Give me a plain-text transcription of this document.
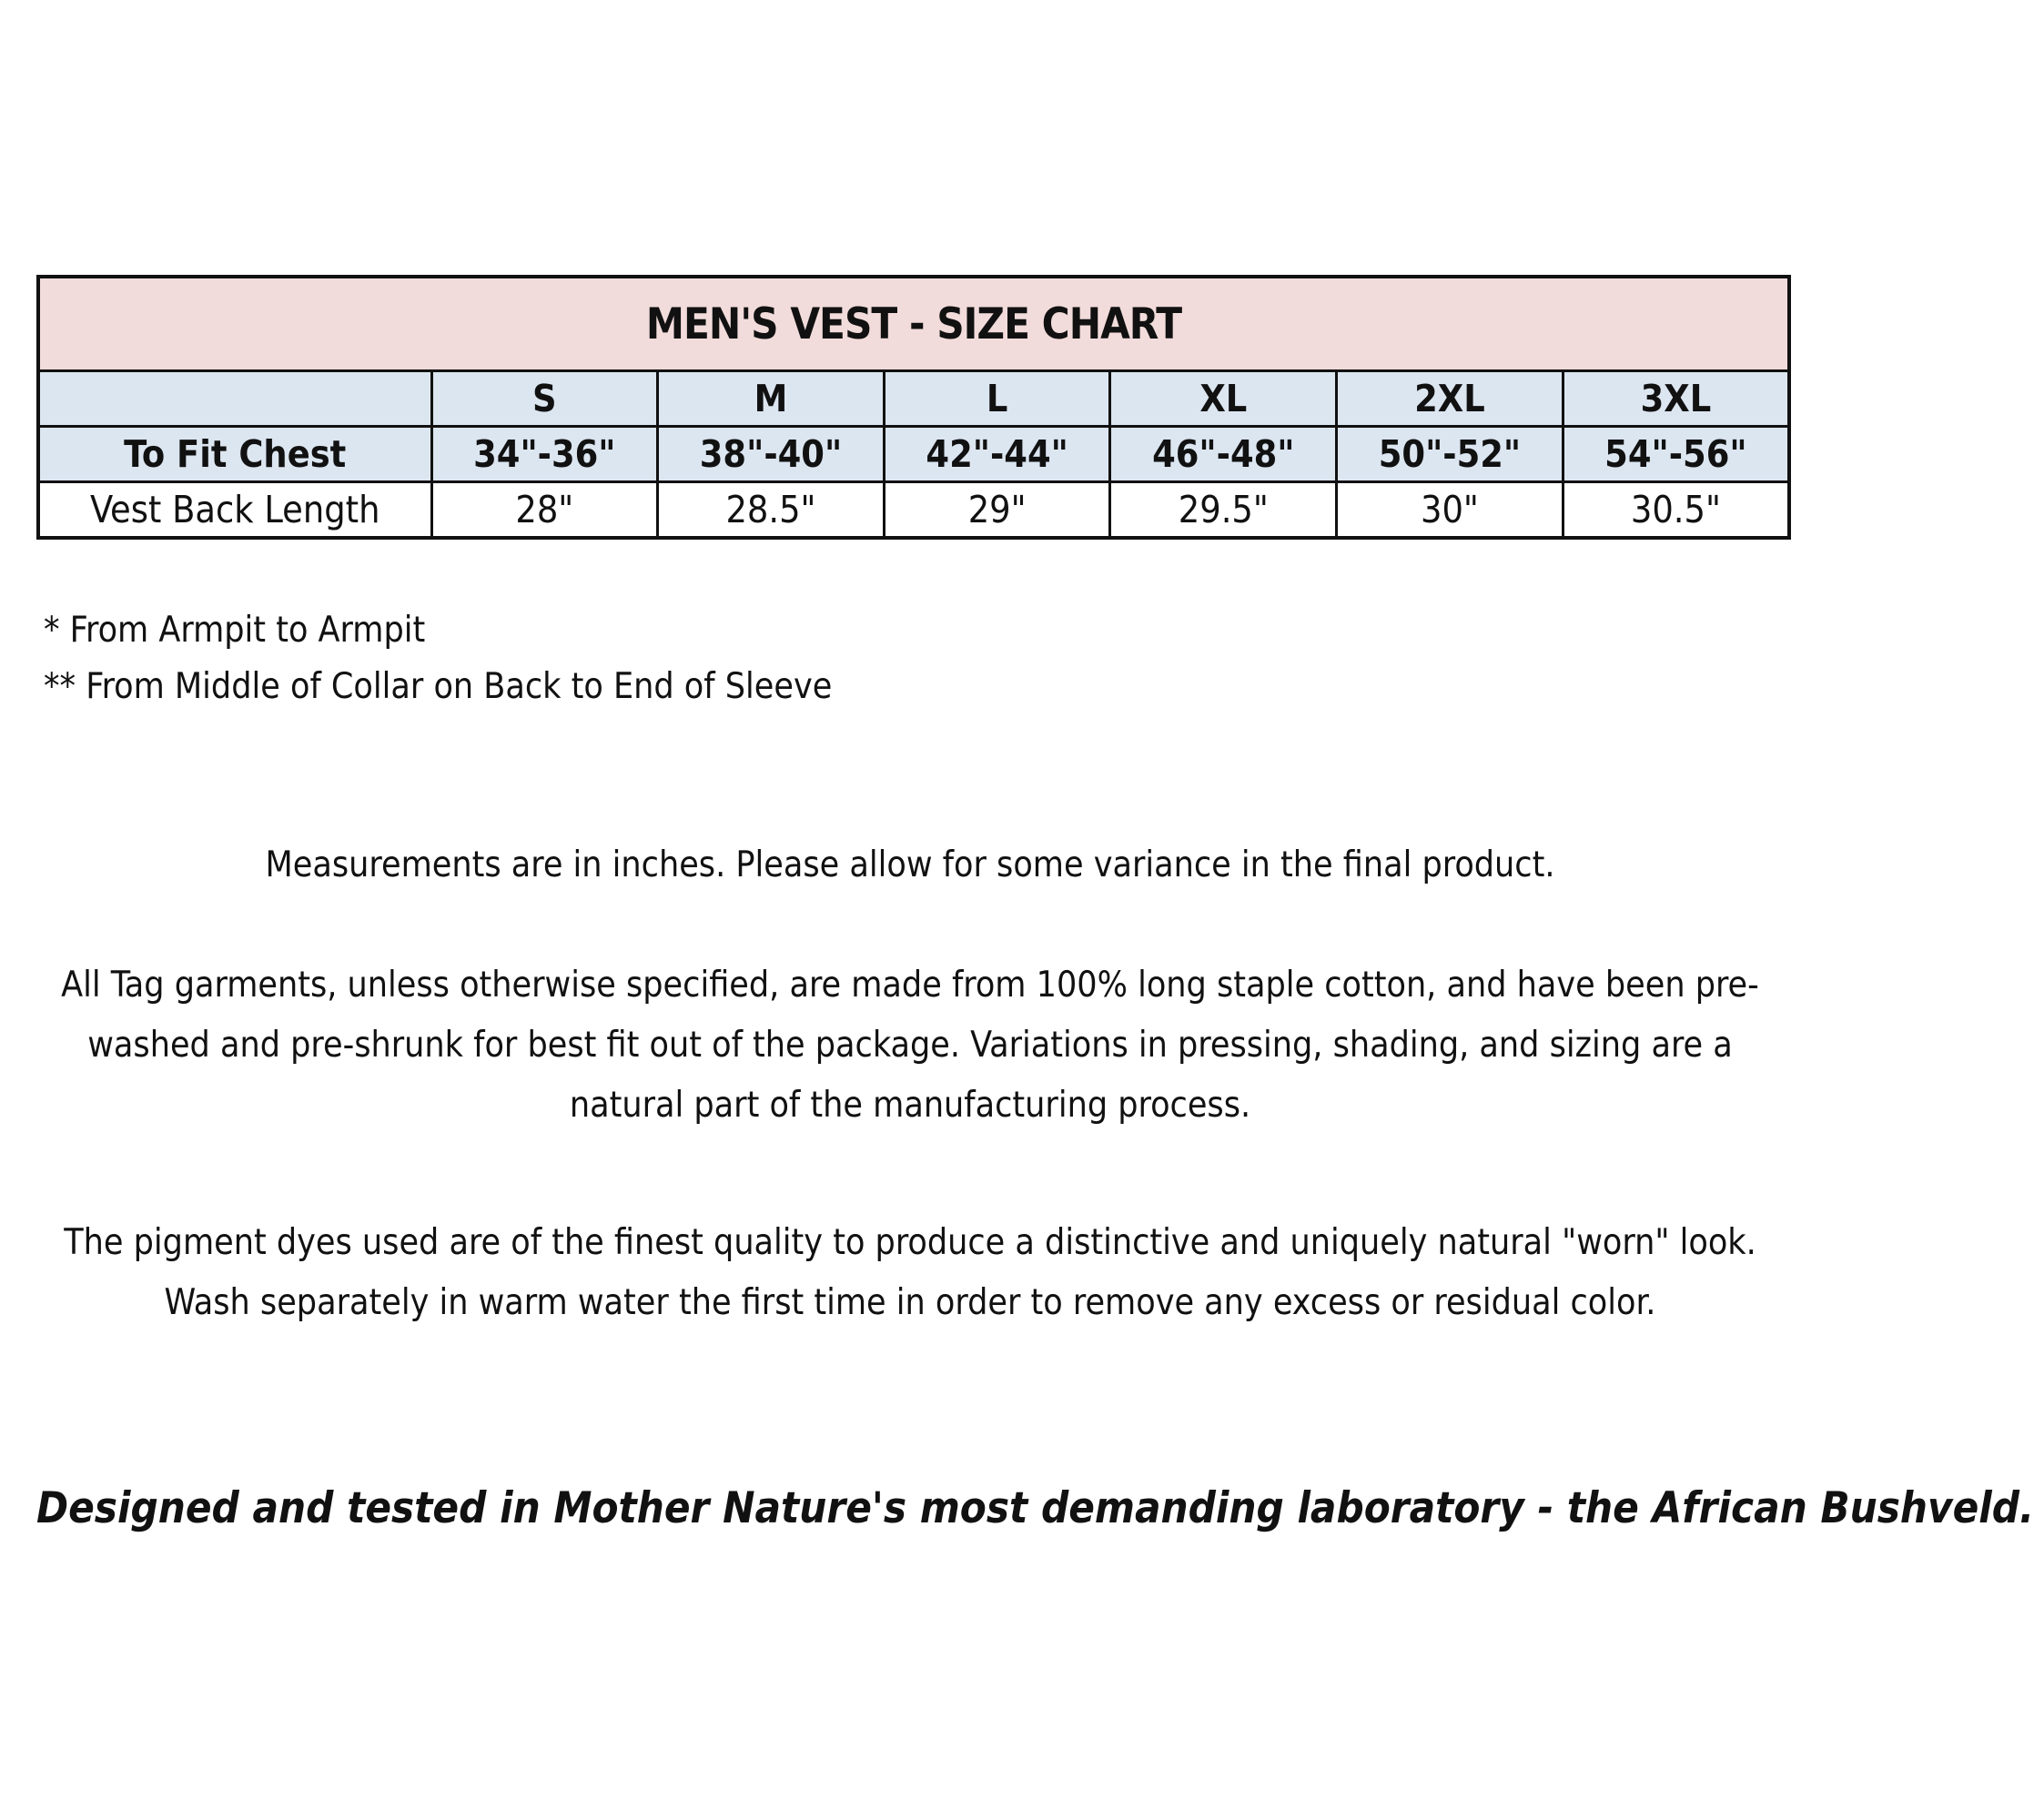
MEN'S VEST - SIZE CHART						
	S	M	L	XL	2XL	3XL
To Fit Chest	34"-36"	38"-40"	42"-44"	46"-48"	50"-52"	54"-56"
Vest Back Length	28"	28.5"	29"	29.5"	30"	30.5"
* From Armpit to Armpit
** From Middle of Collar on Back to End of Sleeve
Measurements are in inches. Please allow for some variance in the final product.
All Tag garments, unless otherwise specified, are made from 100% long staple cotton, and have been pre-washed and pre-shrunk for best fit out of the package. Variations in pressing, shading, and sizing are a natural part of the manufacturing process.
The pigment dyes used are of the finest quality to produce a distinctive and uniquely natural "worn" look. Wash separately in warm water the first time in order to remove any excess or residual color.
Designed and tested in Mother Nature's most demanding laboratory - the African Bushveld.
